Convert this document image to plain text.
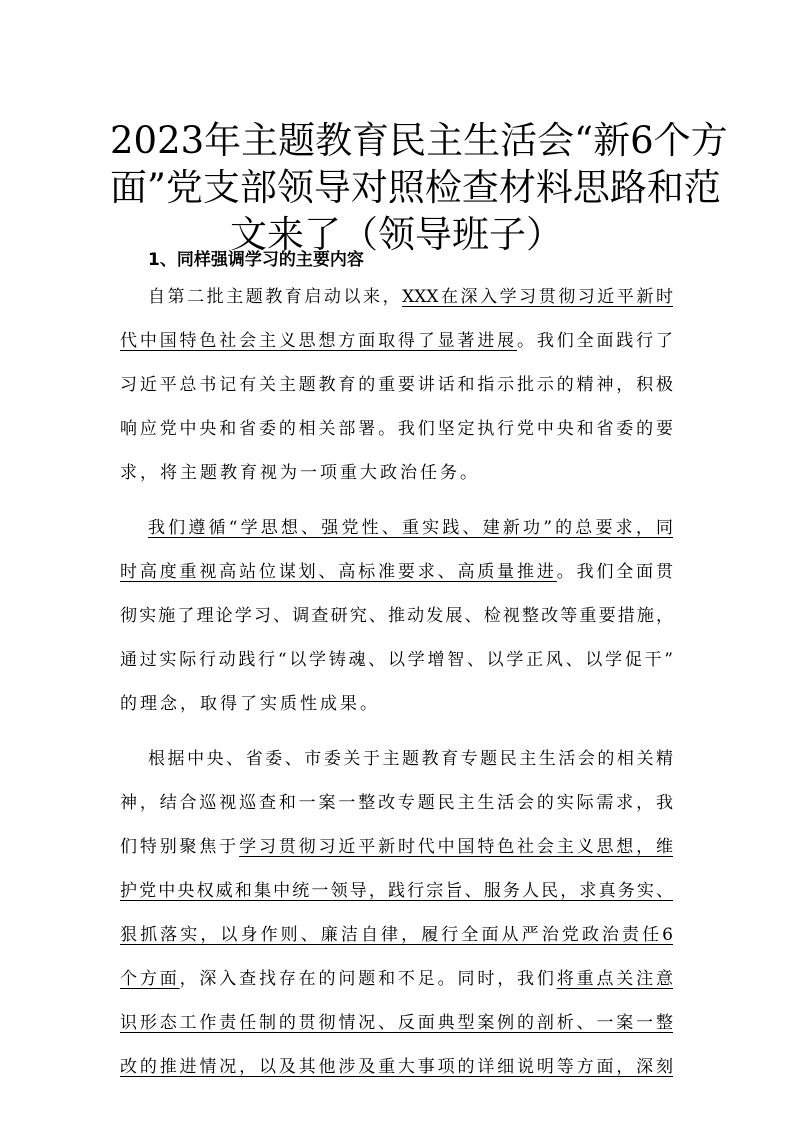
2023年主题教育民主生活会“新6个方
面”党支部领导对照检查材料思路和范
文来了（领导班子）
1、同样强调学习的主要内容
自第二批主题教育启动以来，XXX在深入学习贯彻习近平新时
代中国特色社会主义思想方面取得了显著进展。我们全面践行了
习近平总书记有关主题教育的重要讲话和指示批示的精神，积极
响应党中央和省委的相关部署。我们坚定执行党中央和省委的要
求，将主题教育视为一项重大政治任务。
我们遵循“学思想、强党性、重实践、建新功”的总要求，同
时高度重视高站位谋划、高标准要求、高质量推进。我们全面贯
彻实施了理论学习、调查研究、推动发展、检视整改等重要措施，
通过实际行动践行“以学铸魂、以学增智、以学正风、以学促干”
的理念，取得了实质性成果。
根据中央、省委、市委关于主题教育专题民主生活会的相关精
神，结合巡视巡查和一案一整改专题民主生活会的实际需求，我
们特别聚焦于学习贯彻习近平新时代中国特色社会主义思想，维
护党中央权威和集中统一领导，践行宗旨、服务人民，求真务实、
狠抓落实，以身作则、廉洁自律，履行全面从严治党政治责任6
个方面，深入查找存在的问题和不足。同时，我们将重点关注意
识形态工作责任制的贯彻情况、反面典型案例的剖析、一案一整
改的推进情况，以及其他涉及重大事项的详细说明等方面，深刻
